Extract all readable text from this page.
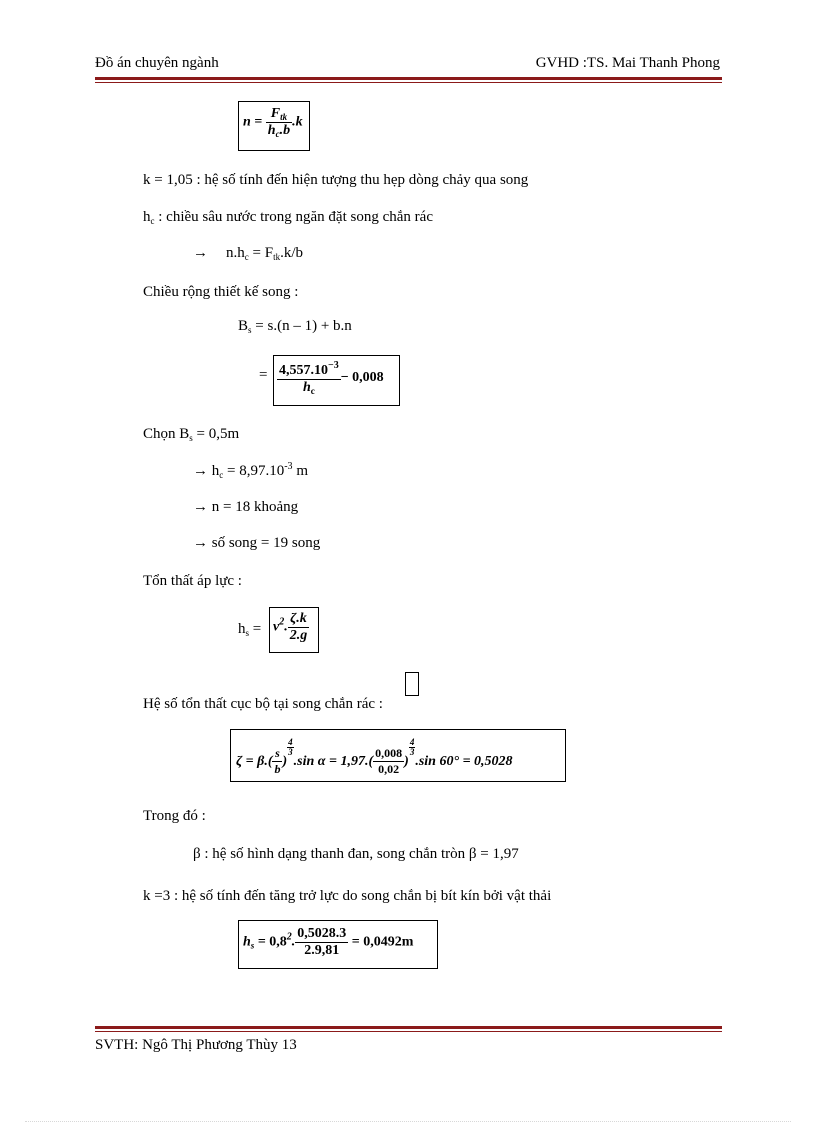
Đồ án chuyên ngành	GVHD :TS. Mai Thanh Phong
$n = \frac{F_{tk}}{h_c.b} .k$
k = 1,05 : hệ số tính đến hiện tượng thu hẹp dòng chảy qua song
$h_c$ : chiều sâu nước trong ngăn đặt song chắn rác
→ $n.h_c = F_{tk}.k/b$
Chiều rộng thiết kế song :
$B_s = s.(n - 1) + b.n$
= $\frac{4,557.10^{-3}}{h_c} - 0,008$
Chọn $B_s = 0,5m$
→ $h_c = 8,97.10^{-3}$ m
→ n = 18 khoảng
→ số song = 19 song
Tổn thất áp lực :
$h_s = v^2$. $\frac{\zeta.k}{2.g}$
Hệ số tổn thất cục bộ tại song chắn rác :
$\zeta = \beta.( \frac{s}{b}$ )
$\frac{4}{3}$
.sin $\alpha = 1,97.( \frac{0,008}{0,02}$ )
$\frac{4}{3}$
.sin 60° = 0,5028
Trong đó :
β : hệ số hình dạng thanh đan, song chắn tròn β = 1,97
k =3 : hệ số tính đến tăng trở lực do song chắn bị bít kín bởi vật thải
$h_s = 0,8^2$. $\frac{0,5028.3}{2.9,81} = 0,0492m$
SVTH: Ngô Thị Phương Thùy 13
